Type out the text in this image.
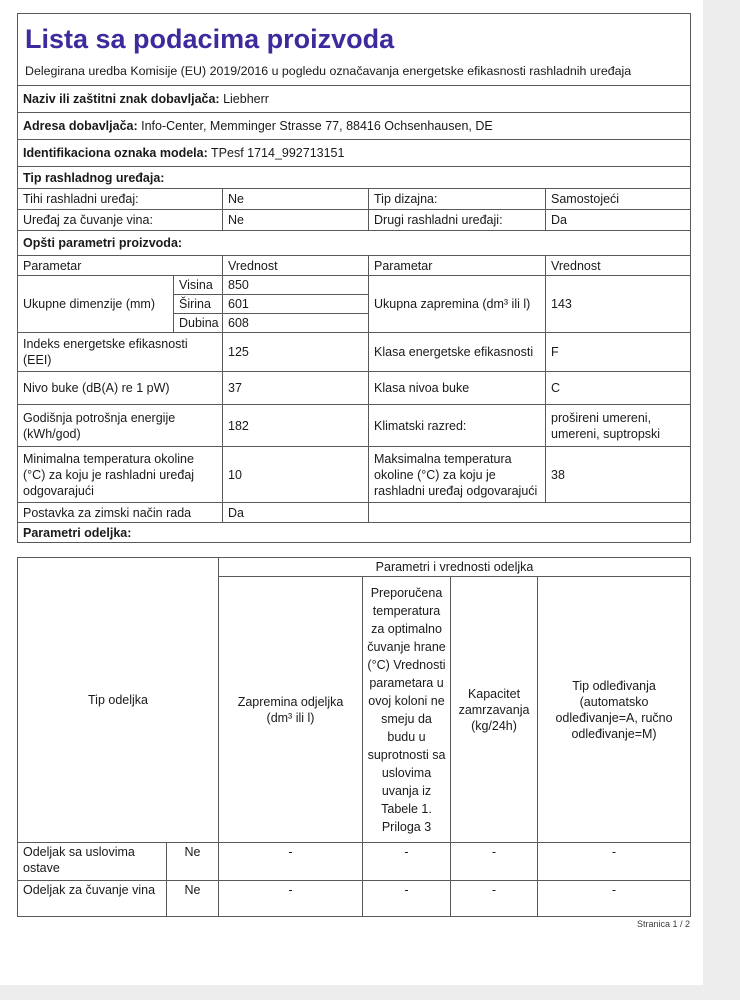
Lista sa podacima proizvoda
Delegirana uredba Komisije (EU) 2019/2016 u pogledu označavanja energetske efikasnosti rashladnih uređaja				

Naziv ili zaštitni znak dobavljača: Liebherr				
Adresa dobavljača: Info-Center, Memminger Strasse 77, 88416 Ochsenhausen, DE				
Identifikaciona oznaka modela: TPesf 1714_992713151				
Tip rashladnog uređaja:				
Tihi rashladni uređaj:		Ne	Tip dizajna:	Samostojeći
Uređaj za čuvanje vina:		Ne	Drugi rashladni uređaji:	Da
Opšti parametri proizvoda:				
Parametar		Vrednost	Parametar	Vrednost
Ukupne dimenzije (mm)	Visina	850	Ukupna zapremina (dm³ ili l)	143
	Širina	601		
	Dubina	608		
Indeks energetske efikasnosti (EEI)		125	Klasa energetske efikasnosti	F
Nivo buke (dB(A) re 1 pW)		37	Klasa nivoa buke	C
Godišnja potrošnja energije (kWh/god)		182	Klimatski razred:	prošireni umereni, umereni, suptropski
Minimalna temperatura okoline (°C) za koju je rashladni uređaj odgovarajući		10	Maksimalna temperatura okoline (°C) za koju je rashladni uređaj odgovarajući	38
Postavka za zimski način rada		Da		
Parametri odeljka:				
Tip odeljka		Parametri i vrednosti odeljka			
		Zapremina odjeljka (dm³ ili l)	Preporučena temperatura za optimalno čuvanje hrane (°C) Vrednosti parametara u ovoj koloni ne smeju da budu u suprotnosti sa uslovima uvanja iz Tabele 1. Priloga 3	Kapacitet zamrzavanja (kg/24h)	Tip odleđivanja (automatsko odleđivanje=A, ručno odleđivanje=M)
Odeljak sa uslovima ostave	Ne	-	-	-	-
Odeljak za čuvanje vina	Ne	-	-	-	-
Stranica 1 / 2
